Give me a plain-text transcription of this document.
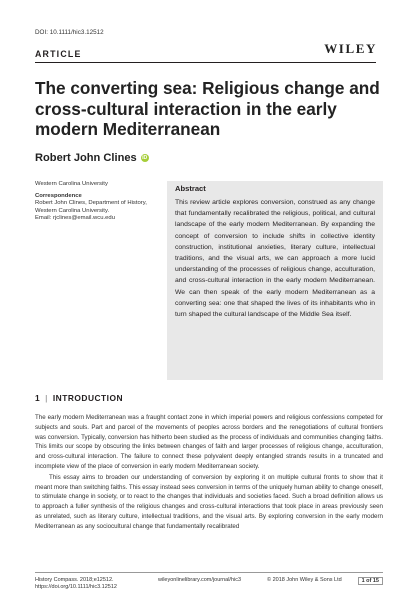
DOI: 10.1111/hic3.12512
ARTICLE	WILEY
The converting sea: Religious change and cross-cultural interaction in the early modern Mediterranean
Robert John Clines iD
Western Carolina University
Correspondence
Robert John Clines, Department of History,
Western Carolina University.
Email: rjclines@email.wcu.edu
Abstract

This review article explores conversion, construed as any change that fundamentally recalibrated the religious, political, and cultural landscape of the early modern Mediterranean. By expanding the concept of conversion to include shifts in collective identity construction, institutional anxieties, literary culture, intellectual traditions, and the visual arts, we can approach a more lucid understanding of the processes of religious change, acculturation, and cross-cultural interaction in the early modern Mediterranean. We can then speak of the early modern Mediterranean as a converting sea: one that shaped the lives of its inhabitants who in turn shaped the cultural landscape of the Middle Sea itself.

1 | INTRODUCTION

The early modern Mediterranean was a fraught contact zone in which imperial powers and religious confessions competed for subjects and souls. Part and parcel of the movements of peoples across borders and the renegotiations of cultural frontiers was conversion. Typically, conversion has hitherto been studied as the process of individuals and communities changing faiths. This limits our scope by obscuring the links between changes of faith and larger processes of religious change, acculturation, and cross-cultural interaction. The failure to connect these polyvalent deeply entangled strands results in a truncated and incomplete view of the place of conversion in early modern Mediterranean society.

This essay aims to broaden our understanding of conversion by exploring it on multiple cultural fronts to show that it meant more than switching faiths. This essay instead sees conversion in terms of the uniquely human ability to change oneself, to stimulate change in society, or to react to the changes that individuals and societies faced. Such a broad definition allows us to approach a fuller synthesis of the religious changes and cross-cultural interactions that took place in areas previously seen as unrelated, such as literary culture, intellectual traditions, and the visual arts. By exploring conversion in the early modern Mediterranean as any sociocultural change that fundamentally recalibrated

History Compass. 2018;e12512.
https://doi.org/10.1111/hic3.12512
wileyonlinelibrary.com/journal/hic3	© 2018 John Wiley & Sons Ltd	1 of 15
